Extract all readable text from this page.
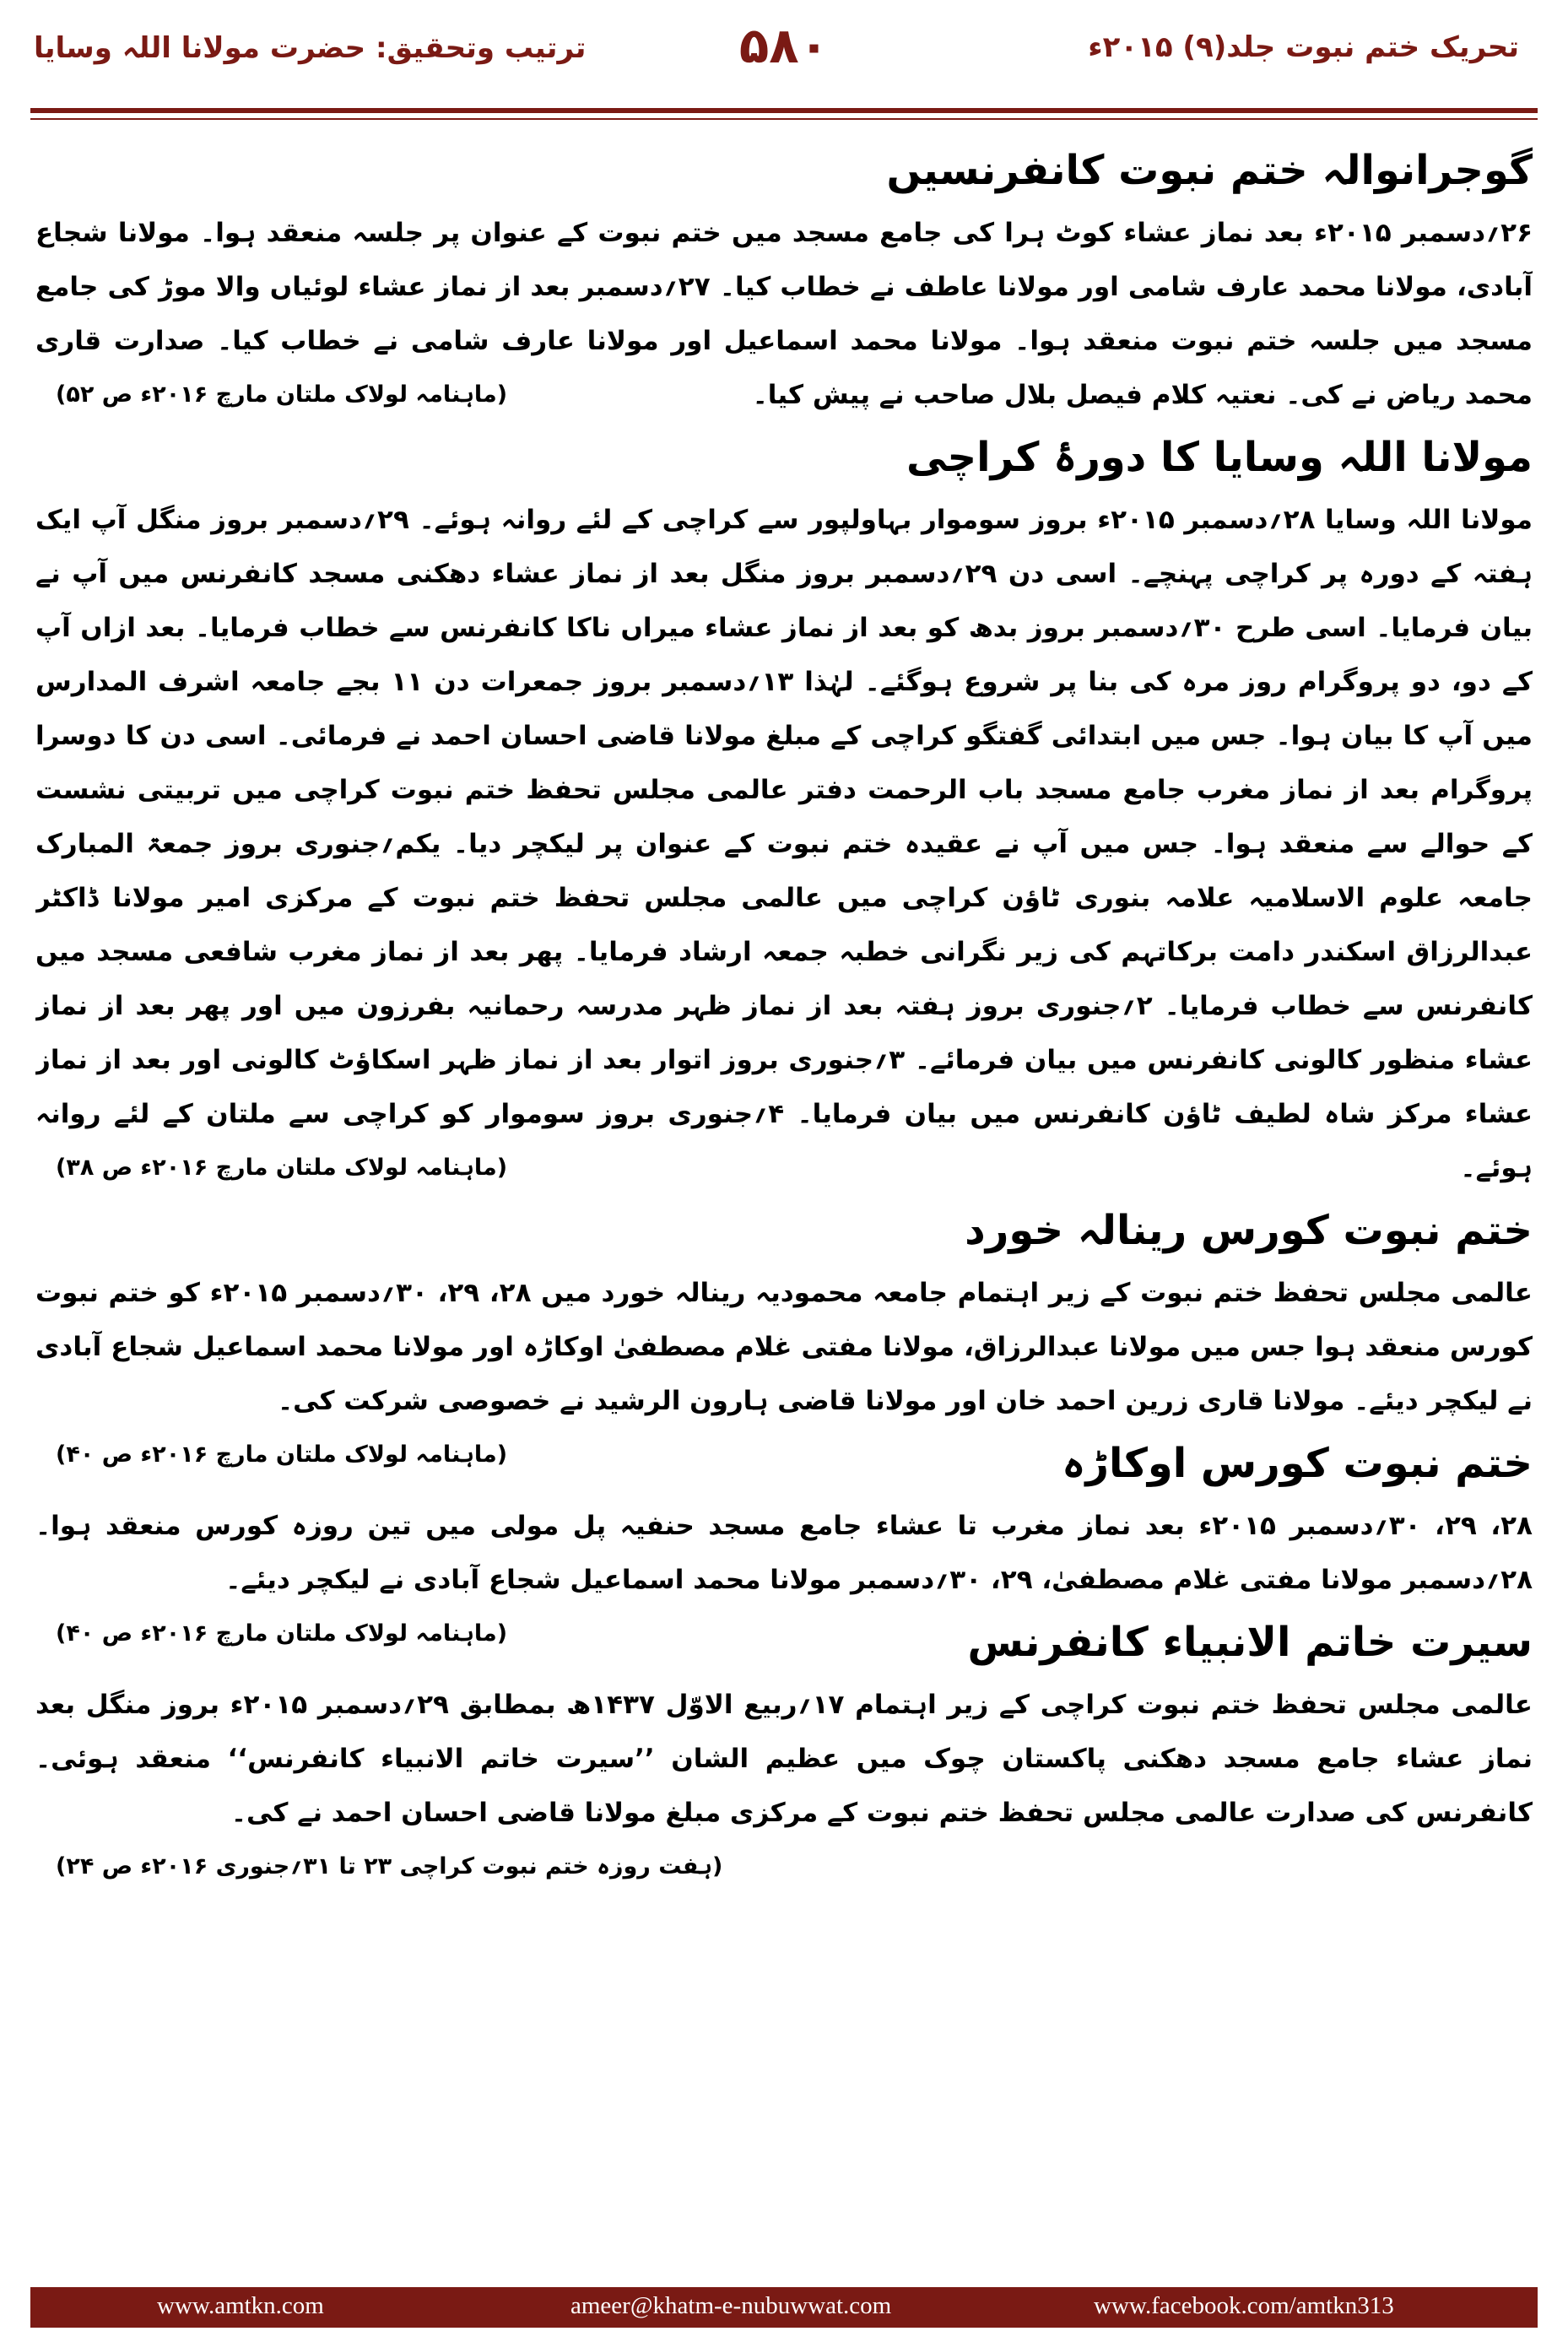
تحریک ختم نبوت جلد(۹) ۲۰۱۵ء
۵۸۰
ترتیب وتحقیق: حضرت مولانا اللہ وسایا
گوجرانوالہ ختم نبوت کانفرنسیں

۲۶؍دسمبر ۲۰۱۵ء بعد نماز عشاء کوٹ ہرا کی جامع مسجد میں ختم نبوت کے عنوان پر جلسہ منعقد ہوا۔ مولانا شجاع آبادی، مولانا محمد عارف شامی اور مولانا عاطف نے خطاب کیا۔ ۲۷؍دسمبر بعد از نماز عشاء لوئیاں والا موڑ کی جامع مسجد میں جلسہ ختم نبوت منعقد ہوا۔ مولانا محمد اسماعیل اور مولانا عارف شامی نے خطاب کیا۔ صدارت قاری محمد ریاض نے کی۔ نعتیہ کلام فیصل بلال صاحب نے پیش کیا۔
(ماہنامہ لولاک ملتان مارچ ۲۰۱۶ء ص ۵۲)

مولانا اللہ وسایا کا دورۂ کراچی

مولانا اللہ وسایا ۲۸؍دسمبر ۲۰۱۵ء بروز سوموار بہاولپور سے کراچی کے لئے روانہ ہوئے۔ ۲۹؍دسمبر بروز منگل آپ ایک ہفتہ کے دورہ پر کراچی پہنچے۔ اسی دن ۲۹؍دسمبر بروز منگل بعد از نماز عشاء دھکنی مسجد کانفرنس میں آپ نے بیان فرمایا۔ اسی طرح ۳۰؍دسمبر بروز بدھ کو بعد از نماز عشاء میراں ناکا کانفرنس سے خطاب فرمایا۔ بعد ازاں آپ کے دو، دو پروگرام روز مرہ کی بنا پر شروع ہوگئے۔ لہٰذا ۱۳؍دسمبر بروز جمعرات دن ۱۱ بجے جامعہ اشرف المدارس میں آپ کا بیان ہوا۔ جس میں ابتدائی گفتگو کراچی کے مبلغ مولانا قاضی احسان احمد نے فرمائی۔ اسی دن کا دوسرا پروگرام بعد از نماز مغرب جامع مسجد باب الرحمت دفتر عالمی مجلس تحفظ ختم نبوت کراچی میں تربیتی نشست کے حوالے سے منعقد ہوا۔ جس میں آپ نے عقیدہ ختم نبوت کے عنوان پر لیکچر دیا۔ یکم؍جنوری بروز جمعۃ المبارک جامعہ علوم الاسلامیہ علامہ بنوری ٹاؤن کراچی میں عالمی مجلس تحفظ ختم نبوت کے مرکزی امیر مولانا ڈاکٹر عبدالرزاق اسکندر دامت برکاتہم کی زیر نگرانی خطبہ جمعہ ارشاد فرمایا۔ پھر بعد از نماز مغرب شافعی مسجد میں کانفرنس سے خطاب فرمایا۔ ۲؍جنوری بروز ہفتہ بعد از نماز ظہر مدرسہ رحمانیہ بفرزون میں اور پھر بعد از نماز عشاء منظور کالونی کانفرنس میں بیان فرمائے۔ ۳؍جنوری بروز اتوار بعد از نماز ظہر اسکاؤٹ کالونی اور بعد از نماز عشاء مرکز شاہ لطیف ٹاؤن کانفرنس میں بیان فرمایا۔ ۴؍جنوری بروز سوموار کو کراچی سے ملتان کے لئے روانہ ہوئے۔
(ماہنامہ لولاک ملتان مارچ ۲۰۱۶ء ص ۳۸)

ختم نبوت کورس رینالہ خورد

عالمی مجلس تحفظ ختم نبوت کے زیر اہتمام جامعہ محمودیہ رینالہ خورد میں ۲۸، ۲۹، ۳۰؍دسمبر ۲۰۱۵ء کو ختم نبوت کورس منعقد ہوا جس میں مولانا عبدالرزاق، مولانا مفتی غلام مصطفیٰ اوکاڑہ اور مولانا محمد اسماعیل شجاع آبادی نے لیکچر دیئے۔ مولانا قاری زرین احمد خان اور مولانا قاضی ہارون الرشید نے خصوصی شرکت کی۔
(ماہنامہ لولاک ملتان مارچ ۲۰۱۶ء ص ۴۰)	ختم نبوت کورس اوکاڑہ

۲۸، ۲۹، ۳۰؍دسمبر ۲۰۱۵ء بعد نماز مغرب تا عشاء جامع مسجد حنفیہ پل مولی میں تین روزہ کورس منعقد ہوا۔ ۲۸؍دسمبر مولانا مفتی غلام مصطفیٰ، ۲۹، ۳۰؍دسمبر مولانا محمد اسماعیل شجاع آبادی نے لیکچر دیئے۔
(ماہنامہ لولاک ملتان مارچ ۲۰۱۶ء ص ۴۰)	سیرت خاتم الانبیاء کانفرنس

عالمی مجلس تحفظ ختم نبوت کراچی کے زیر اہتمام ۱۷؍ربیع الاوّل ۱۴۳۷ھ بمطابق ۲۹؍دسمبر ۲۰۱۵ء بروز منگل بعد نماز عشاء جامع مسجد دھکنی پاکستان چوک میں عظیم الشان ’’سیرت خاتم الانبیاء کانفرنس‘‘ منعقد ہوئی۔ کانفرنس کی صدارت عالمی مجلس تحفظ ختم نبوت کے مرکزی مبلغ مولانا قاضی احسان احمد نے کی۔
(ہفت روزہ ختم نبوت کراچی ۲۳ تا ۳۱؍جنوری ۲۰۱۶ء ص ۲۴)

www.amtkn.com	ameer@khatm-e-nubuwwat.com	www.facebook.com/amtkn313
